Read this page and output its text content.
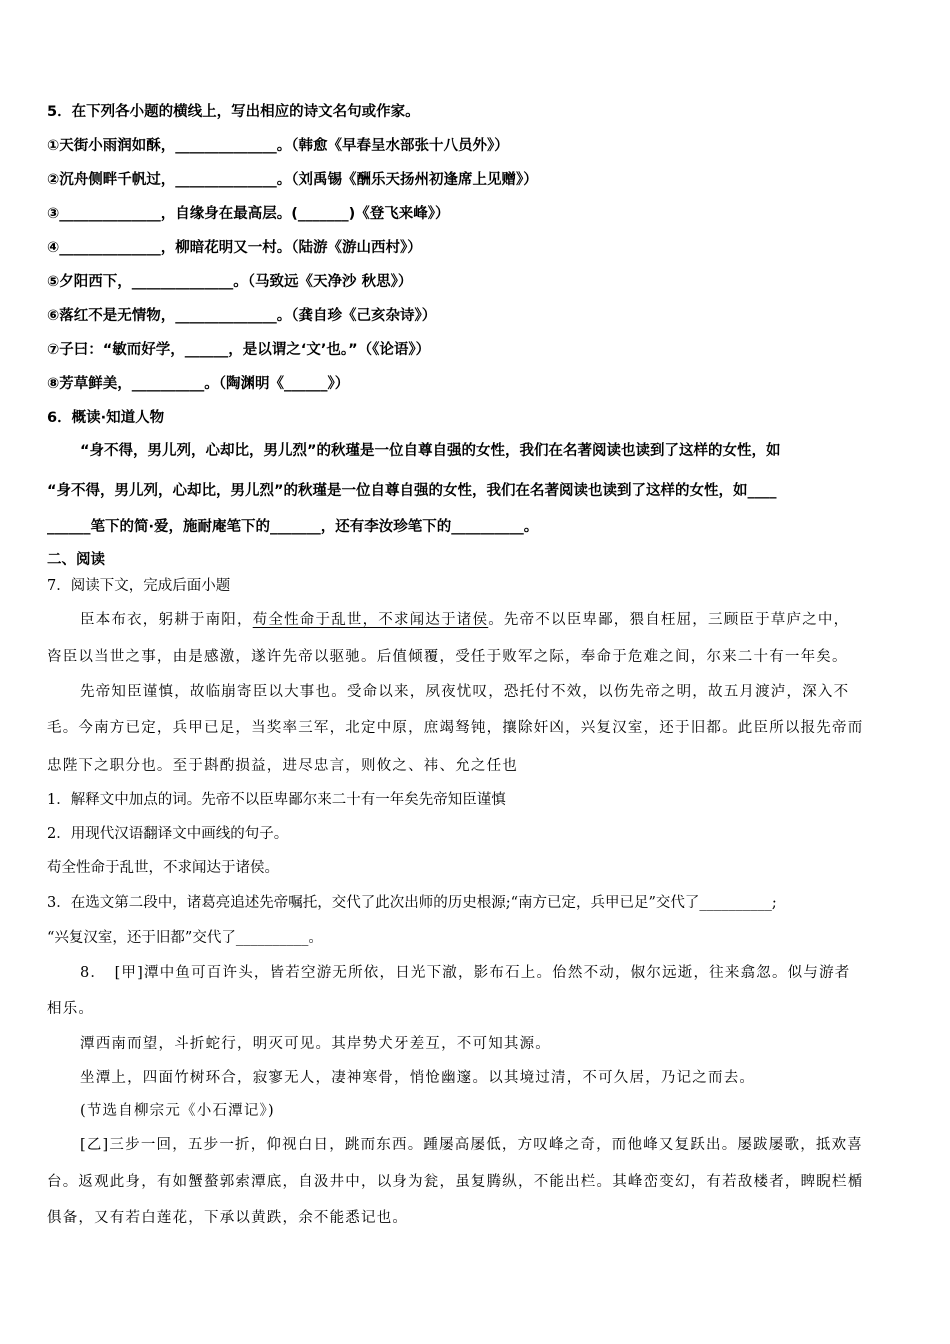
5．在下列各小题的横线上，写出相应的诗文名句或作家。
①天街小雨润如酥，______________。（韩愈《早春呈水部张十八员外》）
②沉舟侧畔千帆过，______________。（刘禹锡《酬乐天扬州初逢席上见赠》）
③______________，自缘身在最高层。(_______)《登飞来峰》）
④______________，柳暗花明又一村。（陆游《游山西村》）
⑤夕阳西下，______________。（马致远《天净沙 秋思》）
⑥落红不是无情物，______________。（龚自珍《己亥杂诗》）
⑦子曰：“敏而好学，______，是以谓之‘文’也。”（《论语》）
⑧芳草鲜美，__________。（陶渊明《______》）
6．概读·知道人物
“身不得，男儿列，心却比，男儿烈”的秋瑾是一位自尊自强的女性，我们在名著阅读也读到了这样的女性，如
“身不得，男儿列，心却比，男儿烈”的秋瑾是一位自尊自强的女性，我们在名著阅读也读到了这样的女性，如____
______笔下的简·爱，施耐庵笔下的_______，还有李汝珍笔下的__________。
二、阅读
7．阅读下文，完成后面小题
臣本布衣，躬耕于南阳，苟全性命于乱世，不求闻达于诸侯。先帝不以臣卑鄙，猥自枉屈，三顾臣于草庐之中，
咨臣以当世之事，由是感激，遂许先帝以驱驰。后值倾覆，受任于败军之际，奉命于危难之间，尔来二十有一年矣。
先帝知臣谨慎，故临崩寄臣以大事也。受命以来，夙夜忧叹，恐托付不效，以伤先帝之明，故五月渡泸，深入不
毛。今南方已定，兵甲已足，当奖率三军，北定中原，庶竭驽钝，攘除奸凶，兴复汉室，还于旧都。此臣所以报先帝而
忠陛下之职分也。至于斟酌损益，进尽忠言，则攸之、祎、允之任也
1．解释文中加点的词。先帝不以臣卑鄙尔来二十有一年矣先帝知臣谨慎
2．用现代汉语翻译文中画线的句子。
苟全性命于乱世，不求闻达于诸侯。
3．在选文第二段中，诸葛亮追述先帝嘱托，交代了此次出师的历史根源;“南方已定，兵甲已足”交代了__________;
“兴复汉室，还于旧都”交代了__________。
8．　[甲]潭中鱼可百许头，皆若空游无所依，日光下澈，影布石上。佁然不动，俶尔远逝，往来翕忽。似与游者
相乐。
潭西南而望，斗折蛇行，明灭可见。其岸势犬牙差互，不可知其源。
坐潭上，四面竹树环合，寂寥无人，凄神寒骨，悄怆幽邃。以其境过清，不可久居，乃记之而去。
(节选自柳宗元《小石潭记》)
[乙]三步一回，五步一折，仰视白日，跳而东西。踵屡高屡低，方叹峰之奇，而他峰又复跃出。屡跋屡歌，抵欢喜
台。返观此身，有如蟹螯郭索潭底，自汲井中，以身为瓮，虽复腾纵，不能出栏。其峰峦变幻，有若敌楼者，睥睨栏楯
俱备，又有若白莲花，下承以黄跌，余不能悉记也。
